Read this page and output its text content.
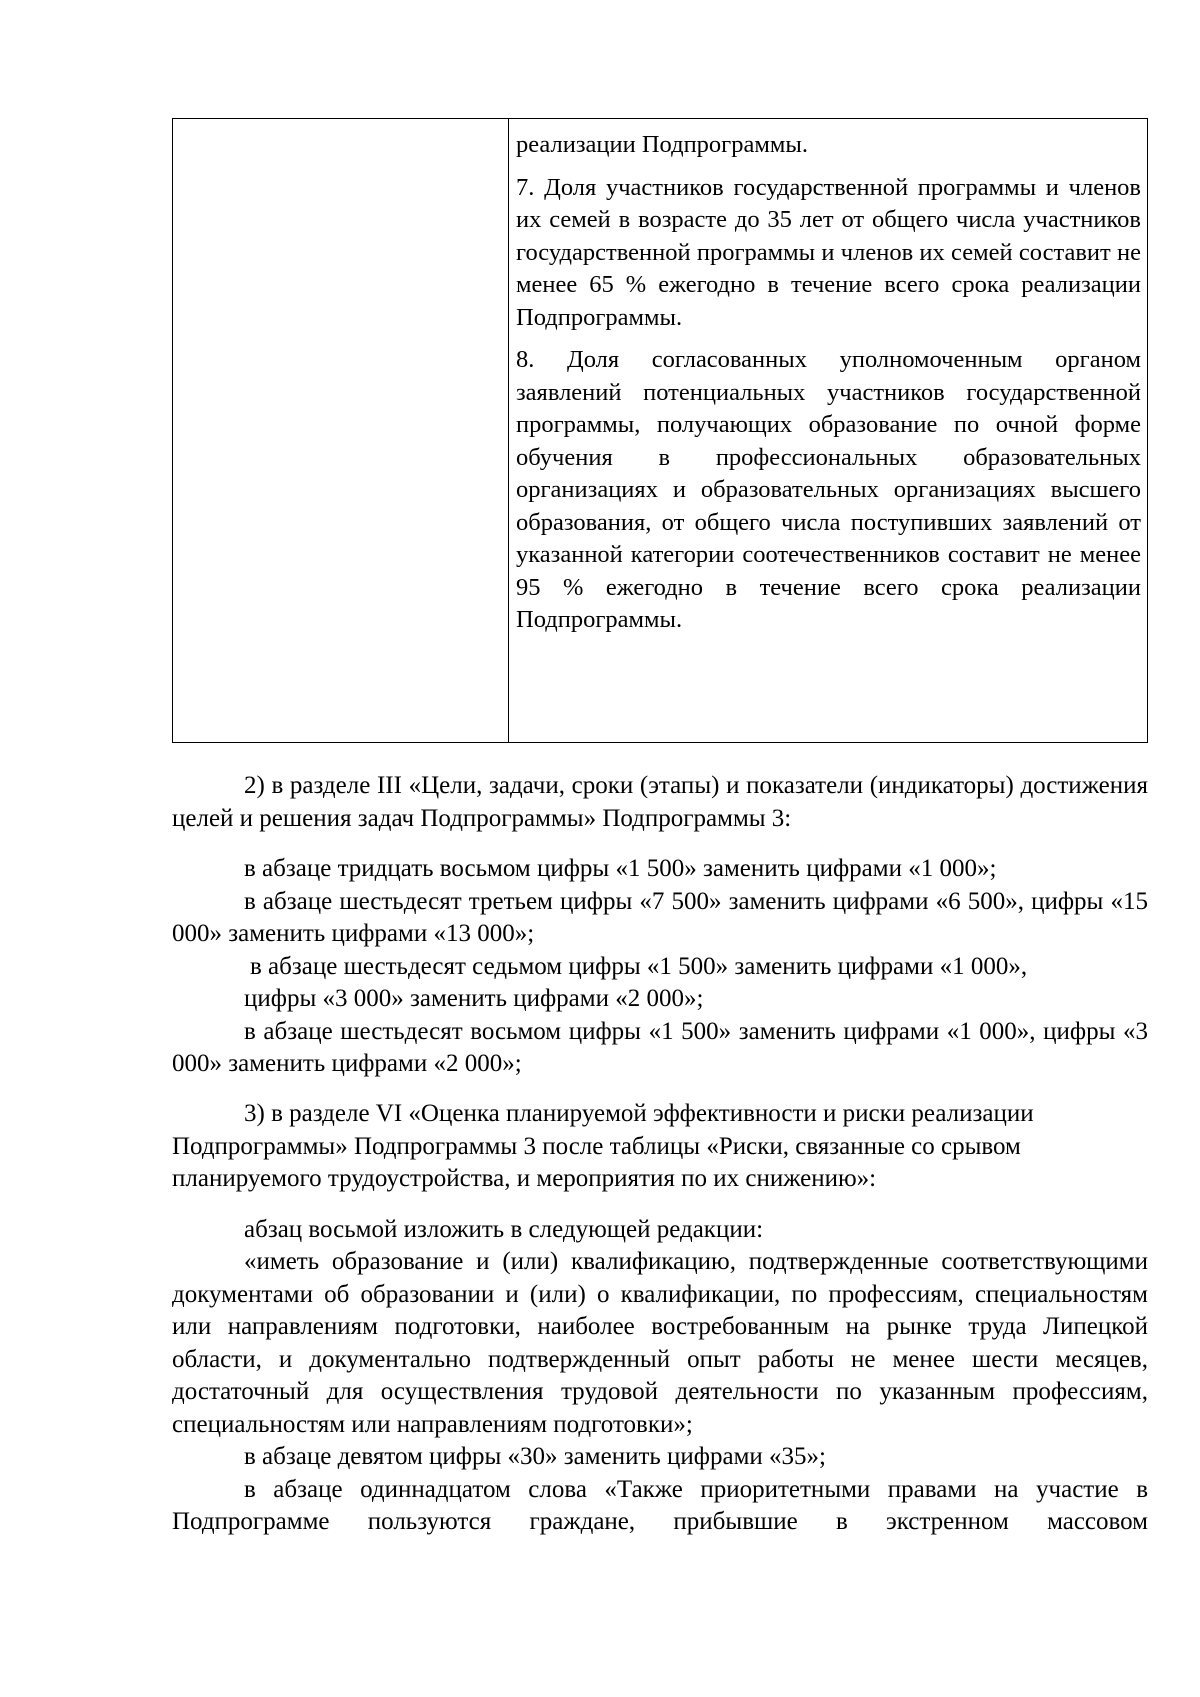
реализации Подпрограммы.

7. Доля участников государственной программы и членов их семей в возрасте до 35 лет от общего числа участников государственной программы и членов их семей составит не менее 65 % ежегодно в течение всего срока реализации Подпрограммы.

8. Доля согласованных уполномоченным органом заявлений потенциальных участников государственной программы, получающих образование по очной форме обучения в профессиональных образовательных организациях и образовательных организациях высшего образования, от общего числа поступивших заявлений от указанной категории соотечественников составит не менее 95 % ежегодно в течение всего срока реализации Подпрограммы.

2) в разделе III «Цели, задачи, сроки (этапы) и показатели (индикаторы) достижения целей и решения задач Подпрограммы» Подпрограммы 3:

в абзаце тридцать восьмом цифры «1 500» заменить цифрами «1 000»;

в абзаце шестьдесят третьем цифры «7 500» заменить цифрами «6 500», цифры «15 000» заменить цифрами «13 000»;

в абзаце шестьдесят седьмом цифры «1 500» заменить цифрами «1 000»,

цифры «3 000» заменить цифрами «2 000»;

в абзаце шестьдесят восьмом цифры «1 500» заменить цифрами «1 000», цифры «3 000» заменить цифрами «2 000»;

3) в разделе VI «Оценка планируемой эффективности и риски реализации Подпрограммы» Подпрограммы 3 после таблицы «Риски, связанные со срывом планируемого трудоустройства, и мероприятия по их снижению»:

абзац восьмой изложить в следующей редакции:

«иметь образование и (или) квалификацию, подтвержденные соответствующими документами об образовании и (или) о квалификации, по профессиям, специальностям или направлениям подготовки, наиболее востребованным на рынке труда Липецкой области, и документально подтвержденный опыт работы не менее шести месяцев, достаточный для осуществления трудовой деятельности по указанным профессиям, специальностям или направлениям подготовки»;

в абзаце девятом цифры «30» заменить цифрами «35»;

в абзаце одиннадцатом слова «Также приоритетными правами на участие в Подпрограмме пользуются граждане, прибывшие в экстренном массовом
